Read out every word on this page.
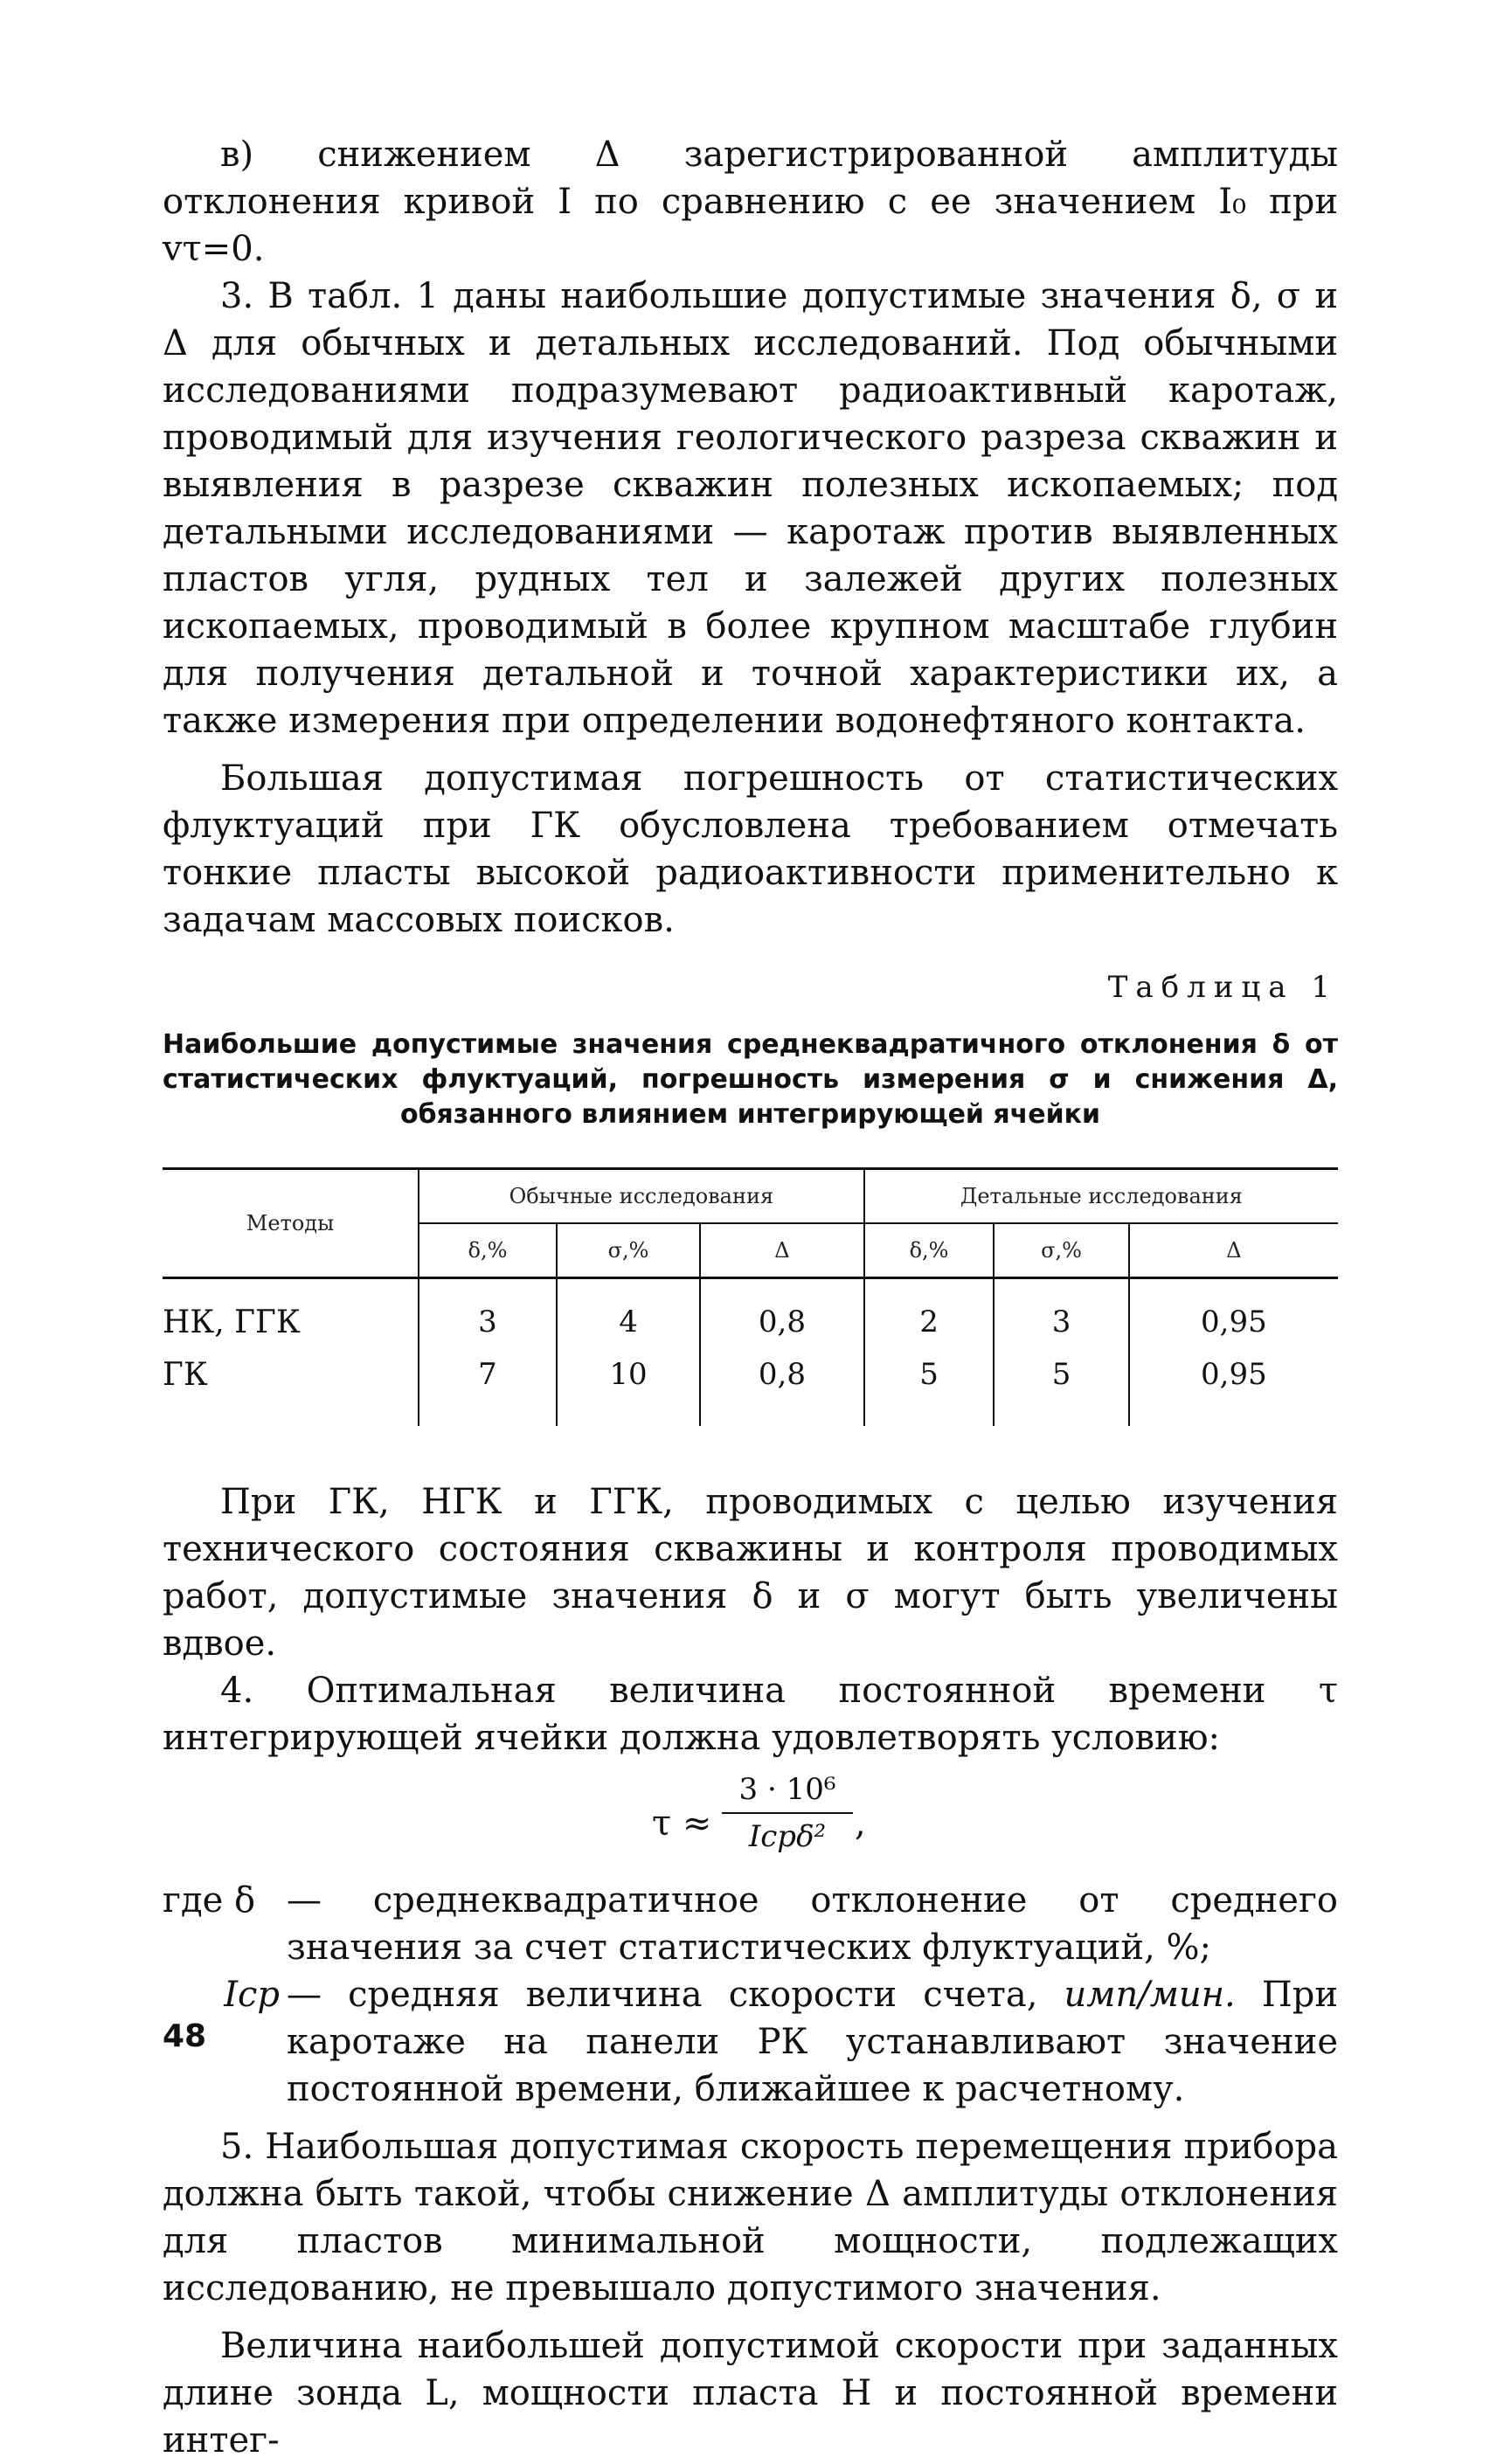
в) снижением Δ зарегистрированной амплитуды отклонения кривой I по сравнению с ее значением I₀ при vτ=0.

3. В табл. 1 даны наибольшие допустимые значения δ, σ и Δ для обычных и детальных исследований. Под обычными исследованиями подразумевают радиоактивный каротаж, проводимый для изучения геологического разреза скважин и выявления в разрезе скважин полезных ископаемых; под детальными исследованиями — каротаж против выявленных пластов угля, рудных тел и залежей других полезных ископаемых, проводимый в более крупном масштабе глубин для получения детальной и точной характеристики их, а также измерения при определении водонефтяного контакта.

Большая допустимая погрешность от статистических флуктуаций при ГК обусловлена требованием отмечать тонкие пласты высокой радиоактивности применительно к задачам массовых поисков.

Таблица 1
Наибольшие допустимые значения среднеквадратичного отклонения δ от статистических флуктуаций, погрешность измерения σ и снижения Δ, обязанного влиянием интегрирующей ячейки
Методы	Обычные исследования			Детальные исследования		
	δ,%	σ,%	Δ	δ,%	σ,%	Δ
НК, ГГК	3	4	0,8	2	3	0,95
ГК	7	10	0,8	5	5	0,95

При ГК, НГК и ГГК, проводимых с целью изучения технического состояния скважины и контроля проводимых работ, допустимые значения δ и σ могут быть увеличены вдвое.

4. Оптимальная величина постоянной времени τ интегрирующей ячейки должна удовлетворять условию:

τ ≈
3 · 10⁶
Iсрδ² ,
где δ — среднеквадратичное отклонение от среднего значения за счет статистических флуктуаций, %;
Iср — средняя величина скорости счета, имп/мин. При каротаже на панели РК устанавливают значение постоянной времени, ближайшее к расчетному.

5. Наибольшая допустимая скорость перемещения прибора должна быть такой, чтобы снижение Δ амплитуды отклонения для пластов минимальной мощности, подлежащих исследованию, не превышало допустимого значения.

Величина наибольшей допустимой скорости при заданных длине зонда L, мощности пласта H и постоянной времени интег-

48
